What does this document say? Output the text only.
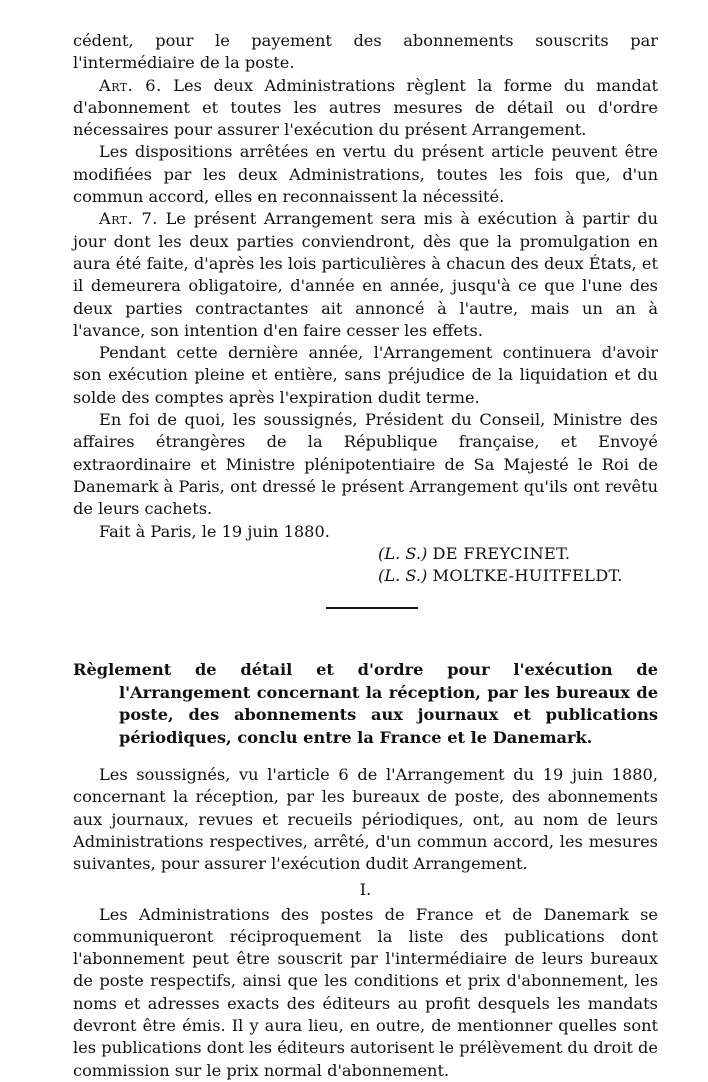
cédent, pour le payement des abonnements souscrits par l'intermédiaire de la poste.

Art. 6. Les deux Administrations règlent la forme du mandat d'abonnement et toutes les autres mesures de détail ou d'ordre nécessaires pour assurer l'exécution du présent Arrangement.

Les dispositions arrêtées en vertu du présent article peuvent être modifiées par les deux Administrations, toutes les fois que, d'un commun accord, elles en reconnaissent la nécessité.

Art. 7. Le présent Arrangement sera mis à exécution à partir du jour dont les deux parties conviendront, dès que la promulgation en aura été faite, d'après les lois particulières à chacun des deux États, et il demeurera obligatoire, d'année en année, jusqu'à ce que l'une des deux parties contractantes ait annoncé à l'autre, mais un an à l'avance, son intention d'en faire cesser les effets.

Pendant cette dernière année, l'Arrangement continuera d'avoir son exécution pleine et entière, sans préjudice de la liquidation et du solde des comptes après l'expiration dudit terme.

En foi de quoi, les soussignés, Président du Conseil, Ministre des affaires étrangères de la République française, et Envoyé extraordinaire et Ministre plénipotentiaire de Sa Majesté le Roi de Danemark à Paris, ont dressé le présent Arrangement qu'ils ont revêtu de leurs cachets.

Fait à Paris, le 19 juin 1880.

(L. S.) DE FREYCINET.
(L. S.) MOLTKE-HUITFELDT.
Règlement de détail et d'ordre pour l'exécution de l'Arrangement concernant la réception, par les bureaux de poste, des abonnements aux journaux et publications périodiques, conclu entre la France et le Danemark.

Les soussignés, vu l'article 6 de l'Arrangement du 19 juin 1880, concernant la réception, par les bureaux de poste, des abonnements aux journaux, revues et recueils périodiques, ont, au nom de leurs Administrations respectives, arrêté, d'un commun accord, les mesures suivantes, pour assurer l'exécution dudit Arrangement.

I.

Les Administrations des postes de France et de Danemark se communiqueront réciproquement la liste des publications dont l'abonnement peut être souscrit par l'intermédiaire de leurs bureaux de poste respectifs, ainsi que les conditions et prix d'abonnement, les noms et adresses exacts des éditeurs au profit desquels les mandats devront être émis. Il y aura lieu, en outre, de mentionner quelles sont les publications dont les éditeurs autorisent le prélèvement du droit de commission sur le prix normal d'abonnement.
